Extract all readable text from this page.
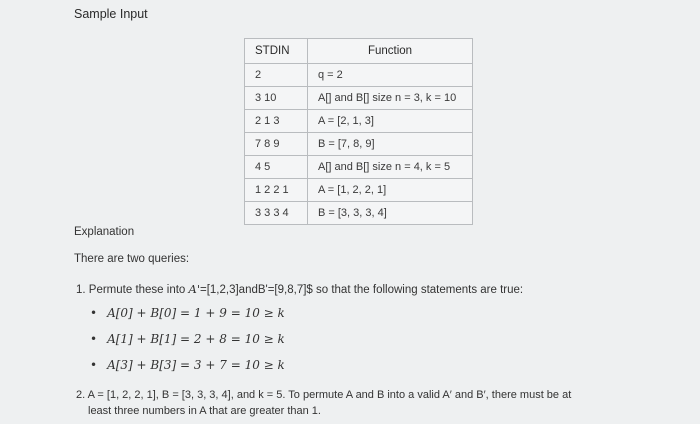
Sample Input
STDIN	Function
2	q = 2
3 10	A[] and B[] size n = 3, k = 10
2 1 3	A = [2, 1, 3]
7 8 9	B = [7, 8, 9]
4 5	A[] and B[] size n = 4, k = 5
1 2 2 1	A = [1, 2, 2, 1]
3 3 3 4	B = [3, 3, 3, 4]
Explanation
There are two queries:
1. Permute these into A'=[1,2,3]andB'=[9,8,7]$ so that the following statements are true:
• A[0] + B[0] = 1 + 9 = 10 ≥ k
• A[1] + B[1] = 2 + 8 = 10 ≥ k
• A[3] + B[3] = 3 + 7 = 10 ≥ k
2. A = [1, 2, 2, 1], B = [3, 3, 3, 4], and k = 5. To permute A and B into a valid A′ and B′, there must be at
least three numbers in A that are greater than 1.
